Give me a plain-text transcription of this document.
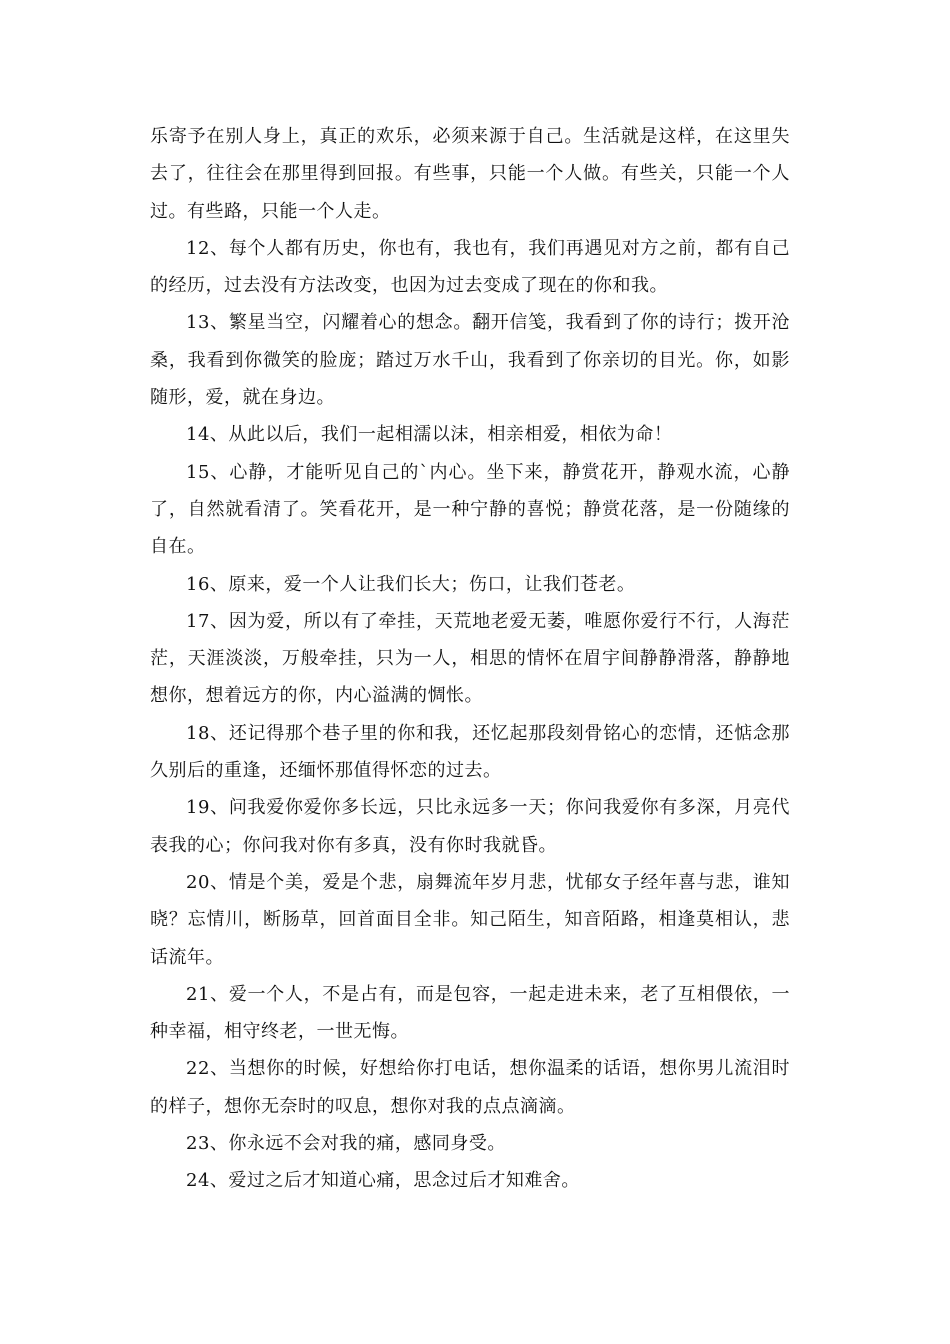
乐寄予在别人身上，真正的欢乐，必须来源于自己。生活就是这样，在这里失去了，往往会在那里得到回报。有些事，只能一个人做。有些关，只能一个人过。有些路，只能一个人走。

12、每个人都有历史，你也有，我也有，我们再遇见对方之前，都有自己的经历，过去没有方法改变，也因为过去变成了现在的你和我。

13、繁星当空，闪耀着心的想念。翻开信笺，我看到了你的诗行；拨开沧桑，我看到你微笑的脸庞；踏过万水千山，我看到了你亲切的目光。你，如影随形，爱，就在身边。

14、从此以后，我们一起相濡以沫，相亲相爱，相依为命！

15、心静，才能听见自己的`内心。坐下来，静赏花开，静观水流，心静了，自然就看清了。笑看花开，是一种宁静的喜悦；静赏花落，是一份随缘的自在。

16、原来，爱一个人让我们长大；伤口，让我们苍老。

17、因为爱，所以有了牵挂，天荒地老爱无萎，唯愿你爱行不行，人海茫茫，天涯淡淡，万般牵挂，只为一人，相思的情怀在眉宇间静静滑落，静静地想你，想着远方的你，内心溢满的惆怅。

18、还记得那个巷子里的你和我，还忆起那段刻骨铭心的恋情，还惦念那久别后的重逢，还缅怀那值得怀恋的过去。

19、问我爱你爱你多长远，只比永远多一天；你问我爱你有多深，月亮代表我的心；你问我对你有多真，没有你时我就昏。

20、情是个美，爱是个悲，扇舞流年岁月悲，忧郁女子经年喜与悲，谁知晓？忘情川，断肠草，回首面目全非。知己陌生，知音陌路，相逢莫相认，悲话流年。

21、爱一个人，不是占有，而是包容，一起走进未来，老了互相偎依，一种幸福，相守终老，一世无悔。

22、当想你的时候，好想给你打电话，想你温柔的话语，想你男儿流泪时的样子，想你无奈时的叹息，想你对我的点点滴滴。

23、你永远不会对我的痛，感同身受。

24、爱过之后才知道心痛，思念过后才知难舍。
